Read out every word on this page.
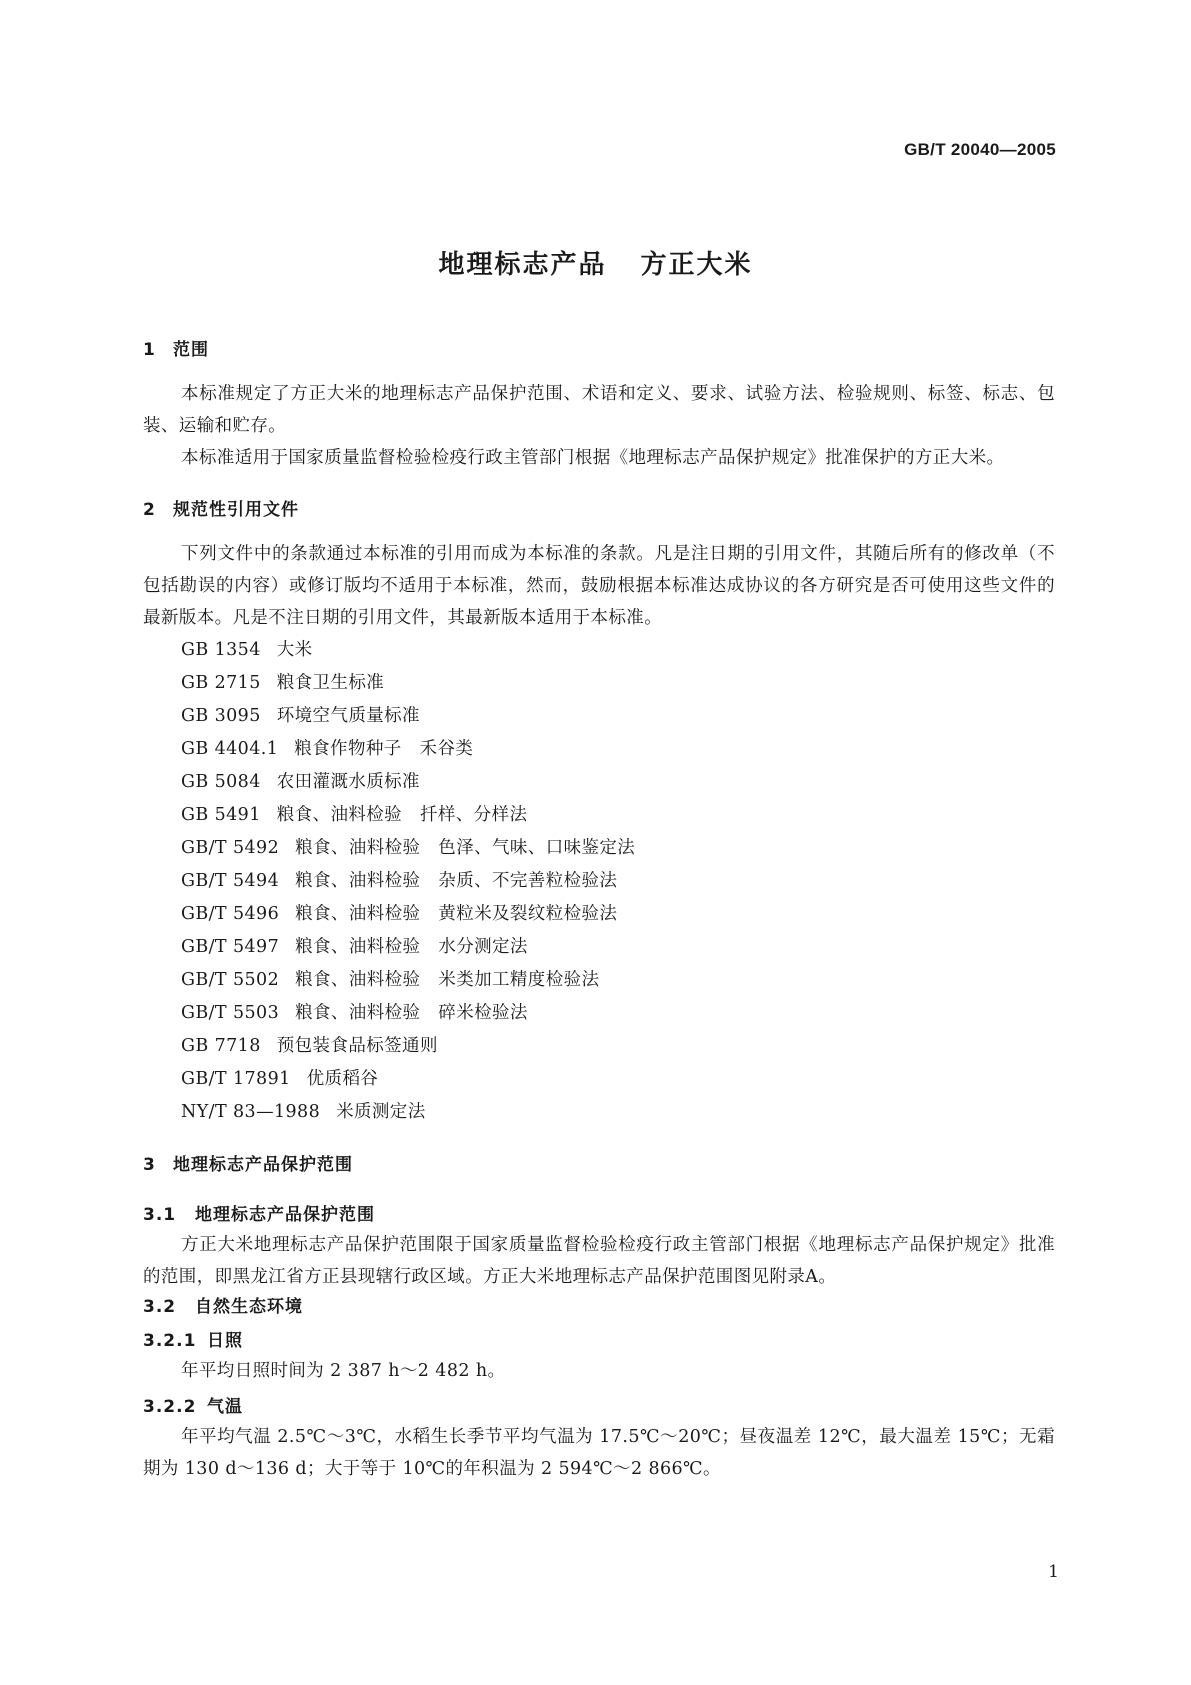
GB/T 20040—2005
地理标志产品 方正大米
1 范围
本标准规定了方正大米的地理标志产品保护范围、术语和定义、要求、试验方法、检验规则、标签、标志、包装、运输和贮存。
本标准适用于国家质量监督检验检疫行政主管部门根据《地理标志产品保护规定》批准保护的方正大米。
2 规范性引用文件
下列文件中的条款通过本标准的引用而成为本标准的条款。凡是注日期的引用文件，其随后所有的修改单（不包括勘误的内容）或修订版均不适用于本标准，然而，鼓励根据本标准达成协议的各方研究是否可使用这些文件的最新版本。凡是不注日期的引用文件，其最新版本适用于本标准。
GB 1354 大米
GB 2715 粮食卫生标准
GB 3095 环境空气质量标准
GB 4404.1 粮食作物种子　禾谷类
GB 5084 农田灌溉水质标准
GB 5491 粮食、油料检验　扦样、分样法
GB/T 5492 粮食、油料检验　色泽、气味、口味鉴定法
GB/T 5494 粮食、油料检验　杂质、不完善粒检验法
GB/T 5496 粮食、油料检验　黄粒米及裂纹粒检验法
GB/T 5497 粮食、油料检验　水分测定法
GB/T 5502 粮食、油料检验　米类加工精度检验法
GB/T 5503 粮食、油料检验　碎米检验法
GB 7718 预包装食品标签通则
GB/T 17891 优质稻谷
NY/T 83—1988 米质测定法
3 地理标志产品保护范围
3.1 地理标志产品保护范围
方正大米地理标志产品保护范围限于国家质量监督检验检疫行政主管部门根据《地理标志产品保护规定》批准的范围，即黑龙江省方正县现辖行政区域。方正大米地理标志产品保护范围图见附录A。
3.2 自然生态环境
3.2.1 日照
年平均日照时间为 2 387 h～2 482 h。
3.2.2 气温
年平均气温 2.5℃～3℃，水稻生长季节平均气温为 17.5℃～20℃；昼夜温差 12℃，最大温差 15℃；无霜期为 130 d～136 d；大于等于 10℃的年积温为 2 594℃～2 866℃。
1
